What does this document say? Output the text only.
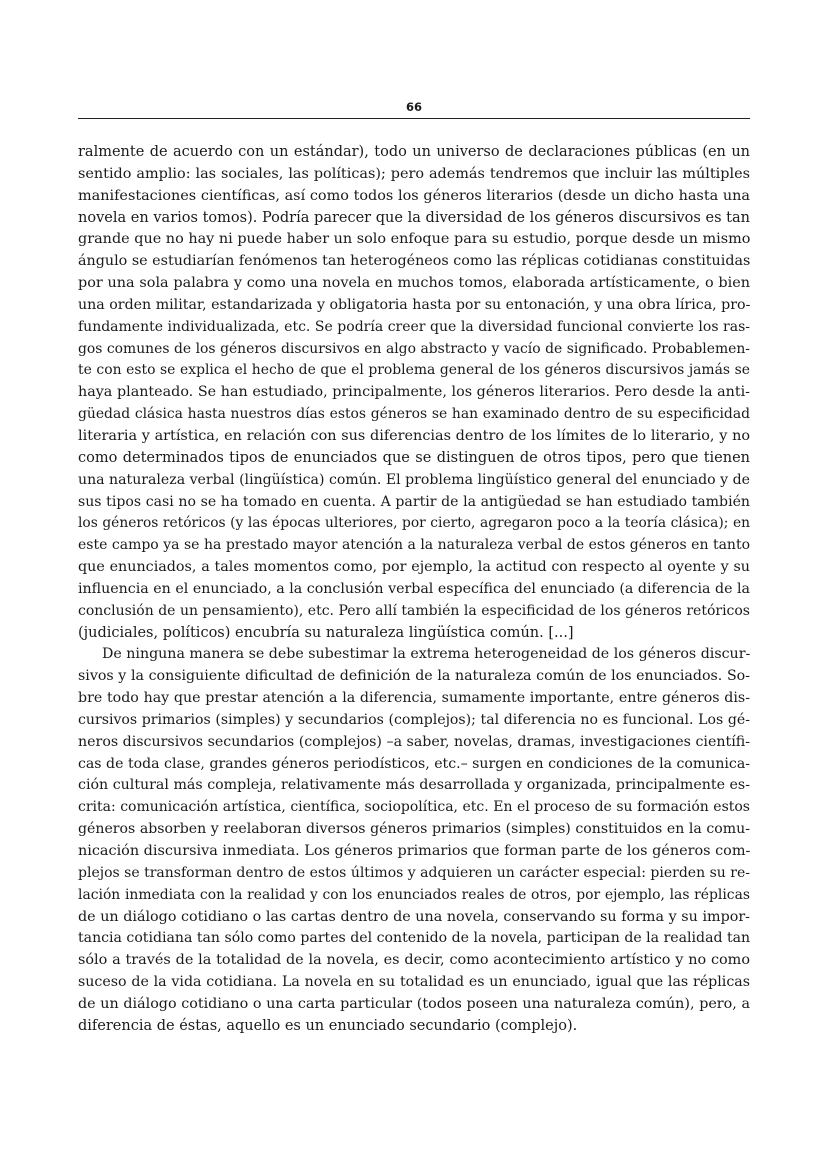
66
ralmente de acuerdo con un estándar), todo un universo de declaraciones públicas (en un
sentido amplio: las sociales, las políticas); pero además tendremos que incluir las múltiples
manifestaciones científicas, así como todos los géneros literarios (desde un dicho hasta una
novela en varios tomos). Podría parecer que la diversidad de los géneros discursivos es tan
grande que no hay ni puede haber un solo enfoque para su estudio, porque desde un mismo
ángulo se estudiarían fenómenos tan heterogéneos como las réplicas cotidianas constituidas
por una sola palabra y como una novela en muchos tomos, elaborada artísticamente, o bien
una orden militar, estandarizada y obligatoria hasta por su entonación, y una obra lírica, pro-
fundamente individualizada, etc. Se podría creer que la diversidad funcional convierte los ras-
gos comunes de los géneros discursivos en algo abstracto y vacío de significado. Probablemen-
te con esto se explica el hecho de que el problema general de los géneros discursivos jamás se
haya planteado. Se han estudiado, principalmente, los géneros literarios. Pero desde la anti-
güedad clásica hasta nuestros días estos géneros se han examinado dentro de su especificidad
literaria y artística, en relación con sus diferencias dentro de los límites de lo literario, y no
como determinados tipos de enunciados que se distinguen de otros tipos, pero que tienen
una naturaleza verbal (lingüística) común. El problema lingüístico general del enunciado y de
sus tipos casi no se ha tomado en cuenta. A partir de la antigüedad se han estudiado también
los géneros retóricos (y las épocas ulteriores, por cierto, agregaron poco a la teoría clásica); en
este campo ya se ha prestado mayor atención a la naturaleza verbal de estos géneros en tanto
que enunciados, a tales momentos como, por ejemplo, la actitud con respecto al oyente y su
influencia en el enunciado, a la conclusión verbal específica del enunciado (a diferencia de la
conclusión de un pensamiento), etc. Pero allí también la especificidad de los géneros retóricos
(judiciales, políticos) encubría su naturaleza lingüística común. [...]
De ninguna manera se debe subestimar la extrema heterogeneidad de los géneros discur-
sivos y la consiguiente dificultad de definición de la naturaleza común de los enunciados. So-
bre todo hay que prestar atención a la diferencia, sumamente importante, entre géneros dis-
cursivos primarios (simples) y secundarios (complejos); tal diferencia no es funcional. Los gé-
neros discursivos secundarios (complejos) –a saber, novelas, dramas, investigaciones científi-
cas de toda clase, grandes géneros periodísticos, etc.– surgen en condiciones de la comunica-
ción cultural más compleja, relativamente más desarrollada y organizada, principalmente es-
crita: comunicación artística, científica, sociopolítica, etc. En el proceso de su formación estos
géneros absorben y reelaboran diversos géneros primarios (simples) constituidos en la comu-
nicación discursiva inmediata. Los géneros primarios que forman parte de los géneros com-
plejos se transforman dentro de estos últimos y adquieren un carácter especial: pierden su re-
lación inmediata con la realidad y con los enunciados reales de otros, por ejemplo, las réplicas
de un diálogo cotidiano o las cartas dentro de una novela, conservando su forma y su impor-
tancia cotidiana tan sólo como partes del contenido de la novela, participan de la realidad tan
sólo a través de la totalidad de la novela, es decir, como acontecimiento artístico y no como
suceso de la vida cotidiana. La novela en su totalidad es un enunciado, igual que las réplicas
de un diálogo cotidiano o una carta particular (todos poseen una naturaleza común), pero, a
diferencia de éstas, aquello es un enunciado secundario (complejo).
